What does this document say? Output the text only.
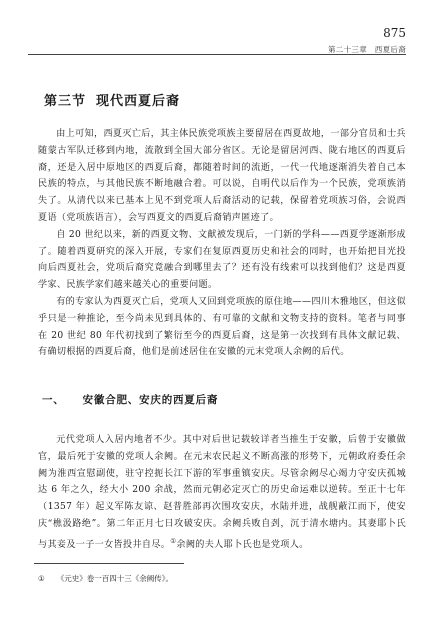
875
第二十三章　西夏后裔
第三节 现代西夏后裔

由上可知，西夏灭亡后，其主体民族党项族主要留居在西夏故地，一部分官员和士兵随蒙古军队迁移到内地，流散到全国大部分省区。无论是留居河西、陇右地区的西夏后裔，还是入居中原地区的西夏后裔，都随着时间的流逝，一代一代地逐渐消失着自己本民族的特点，与其他民族不断地融合着。可以说，自明代以后作为一个民族，党项族消失了。从清代以来已基本上见不到党项人后裔活动的记载，保留着党项族习俗，会说西夏语（党项族语言），会写西夏文的西夏后裔销声匿迹了。

自 20 世纪以来，新的西夏文物、文献被发现后，一门新的学科——西夏学逐渐形成了。随着西夏研究的深入开展，专家们在复原西夏历史和社会的同时，也开始把目光投向后西夏社会，党项后裔究竟融合到哪里去了？还有没有线索可以找到他们？这是西夏学家、民族学家们越来越关心的重要问题。

有的专家认为西夏灭亡后，党项人又回到党项族的原住地——四川木雅地区，但这似乎只是一种推论，至今尚未见到具体的、有可靠的文献和文物支持的资料。笔者与同事在 20 世纪 80 年代初找到了繁衍至今的西夏后裔，这是第一次找到有具体文献记载、有确切根据的西夏后裔，他们是前述居住在安徽的元末党项人余阙的后代。

一、 安徽合肥、安庆的西夏后裔

元代党项人入居内地者不少。其中对后世记载较详者当推生于安徽，后曾于安徽做官，最后死于安徽的党项人余阙。在元末农民起义不断高涨的形势下，元朝政府委任余阙为淮西宣慰副使，驻守控扼长江下游的军事重镇安庆。尽管余阙尽心竭力守安庆孤城达 6 年之久，经大小 200 余战，然而元朝必定灭亡的历史命运难以逆转。至正十七年（1357 年）起义军陈友谅、赵普胜部再次围攻安庆，水陆并进，战舰蔽江而下，使安庆“樵汲路绝”。第二年正月七日攻破安庆。余阙兵败自刭，沉于清水塘内。其妻耶卜氏与其妾及一子一女皆投井自尽。①余阙的夫人耶卜氏也是党项人。

① 《元史》卷一百四十三《余阙传》。
